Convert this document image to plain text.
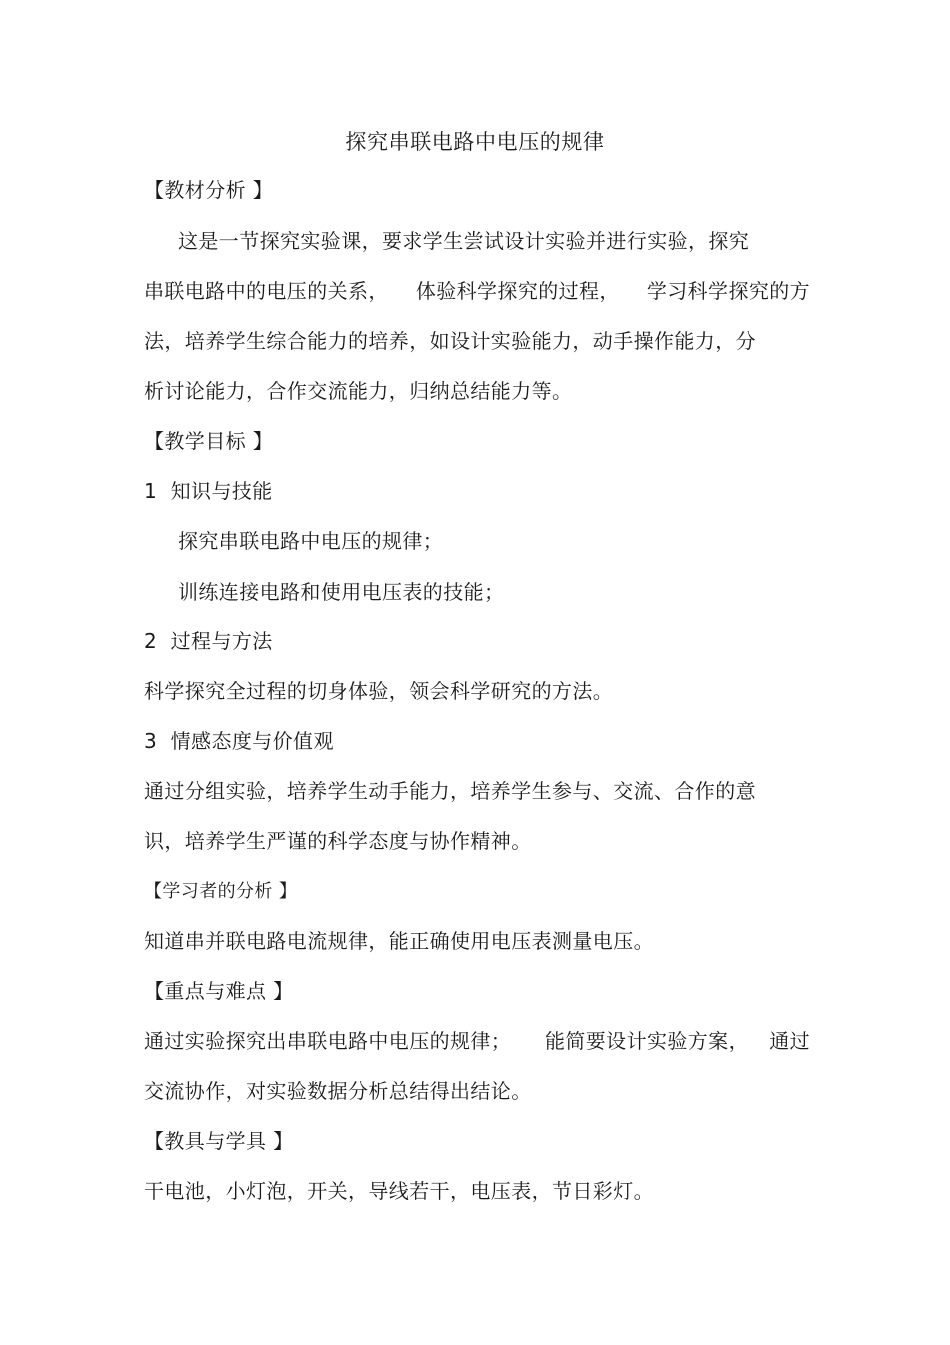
探究串联电路中电压的规律
【教材分析 】
这是一节探究实验课，要求学生尝试设计实验并进行实验，探究
串联电路中的电压的关系，    体验科学探究的过程，    学习科学探究的方
法，培养学生综合能力的培养，如设计实验能力，动手操作能力，分
析讨论能力，合作交流能力，归纳总结能力等。
【教学目标 】
1  知识与技能
探究串联电路中电压的规律；
训练连接电路和使用电压表的技能；
2  过程与方法
科学探究全过程的切身体验，领会科学研究的方法。
3  情感态度与价值观
通过分组实验，培养学生动手能力，培养学生参与、交流、合作的意
识，培养学生严谨的科学态度与协作精神。
【学习者的分析 】
知道串并联电路电流规律，能正确使用电压表测量电压。
【重点与难点 】
通过实验探究出串联电路中电压的规律；     能简要设计实验方案，   通过
交流协作，对实验数据分析总结得出结论。
【教具与学具 】
干电池，小灯泡，开关，导线若干，电压表，节日彩灯。
